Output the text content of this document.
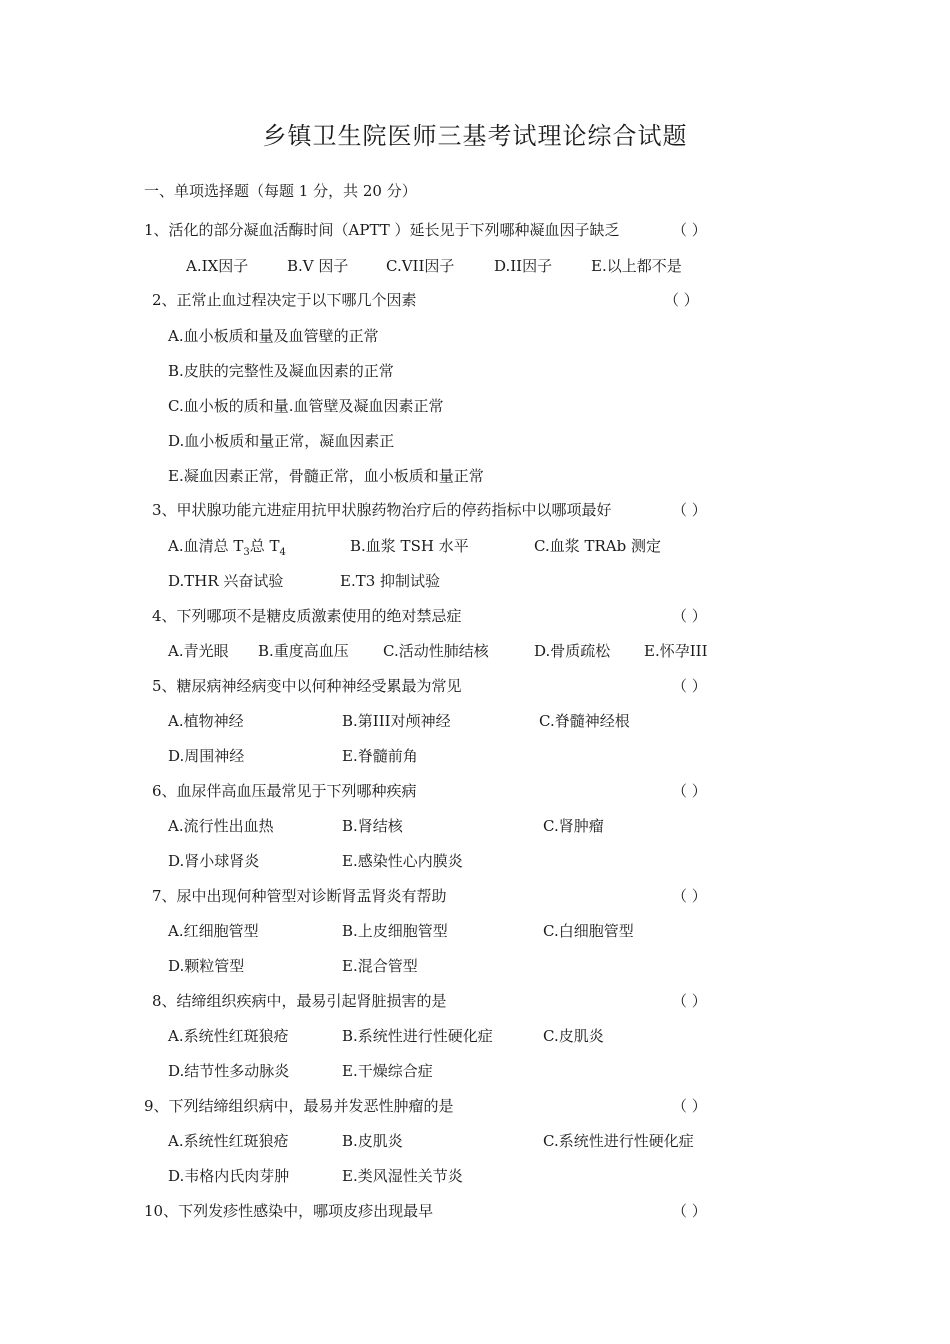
乡镇卫生院医师三基考试理论综合试题
一、单项选择题（每题 1 分，共 20 分）
1、活化的部分凝血活酶时间（APTT ）延长见于下列哪种凝血因子缺乏	（ ）
A.IX因子	B.V 因子	C.VII因子	D.II因子	E.以上都不是
2、正常止血过程决定于以下哪几个因素	（ ）
A.血小板质和量及血管壁的正常
B.皮肤的完整性及凝血因素的正常
C.血小板的质和量.血管壁及凝血因素正常
D.血小板质和量正常，凝血因素正
E.凝血因素正常，骨髓正常，血小板质和量正常
3、甲状腺功能亢进症用抗甲状腺药物治疗后的停药指标中以哪项最好	（ ）
A.血清总 $T_3$总 $T_4$	B.血浆 TSH 水平	C.血浆 TRAb 测定
D.THR 兴奋试验	E.T3 抑制试验
4、下列哪项不是糖皮质激素使用的绝对禁忌症	（ ）
A.青光眼 B.重度高血压 C.活动性肺结核	D.骨质疏松 E.怀孕III
5、糖尿病神经病变中以何种神经受累最为常见	（ ）
A.植物神经	B.第III对颅神经	C.脊髓神经根
D.周围神经	E.脊髓前角
6、血尿伴高血压最常见于下列哪种疾病	（ ）
A.流行性出血热	B.肾结核	C.肾肿瘤
D.肾小球肾炎	E.感染性心内膜炎
7、尿中出现何种管型对诊断肾盂肾炎有帮助	（ ）
A.红细胞管型	B.上皮细胞管型	C.白细胞管型
D.颗粒管型	E.混合管型
8、结缔组织疾病中，最易引起肾脏损害的是	（ ）
A.系统性红斑狼疮	B.系统性进行性硬化症	C.皮肌炎
D.结节性多动脉炎	E.干燥综合症
9、下列结缔组织病中，最易并发恶性肿瘤的是	（ ）
A.系统性红斑狼疮	B.皮肌炎	C.系统性进行性硬化症
D.韦格内氏肉芽肿	E.类风湿性关节炎
10、下列发疹性感染中，哪项皮疹出现最早	（ ）
